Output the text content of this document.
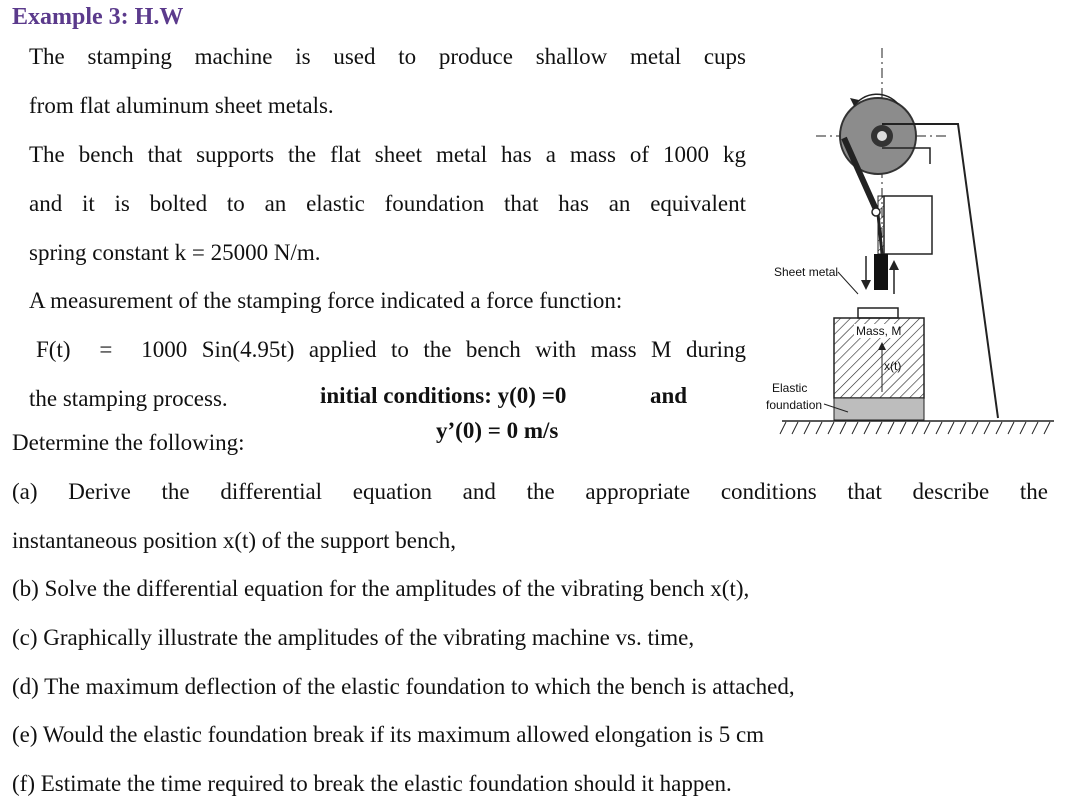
Example 3: H.W
The stamping machine is used to produce shallow metal cups
from flat aluminum sheet metals.
The bench that supports the flat sheet metal has a mass of 1000 kg
and it is bolted to an elastic foundation that has an equivalent
spring constant k = 25000 N/m.
A measurement of the stamping force indicated a force function:
F(t)  =  1000 Sin(4.95t) applied to the bench with mass M during
the stamping process.	initial conditions: y(0) =0	and
y’(0) = 0 m/s
Determine the following:
(a)  Derive  the  differential  equation  and  the  appropriate  conditions  that  describe  the
instantaneous position x(t) of the support bench,
(b) Solve the differential equation for the amplitudes of the vibrating bench x(t),
(c) Graphically illustrate the amplitudes of the vibrating machine vs. time,
(d) The maximum deflection of the elastic foundation to which the bench is attached,
(e) Would the elastic foundation break if its maximum allowed elongation is 5 cm
(f) Estimate the time required to break the elastic foundation should it happen.
Sheet metal
Mass, M
x(t)
Elastic
foundation
